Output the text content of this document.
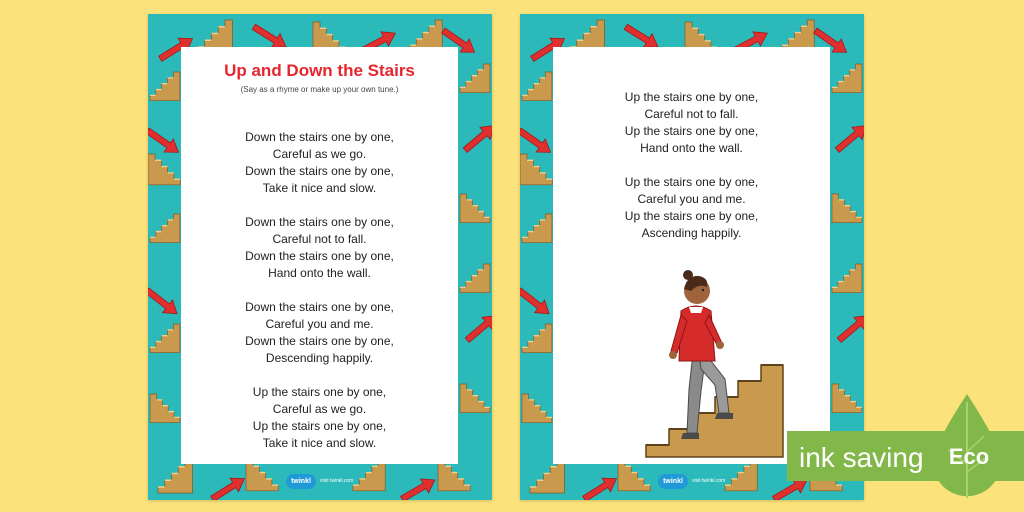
Up and Down the Stairs
(Say as a rhyme or make up your own tune.)
Down the stairs one by one,
Careful as we go.
Down the stairs one by one,
Take it nice and slow.
Down the stairs one by one,
Careful not to fall.
Down the stairs one by one,
Hand onto the wall.
Down the stairs one by one,
Careful you and me.
Down the stairs one by one,
Descending happily.
Up the stairs one by one,
Careful as we go.
Up the stairs one by one,
Take it nice and slow.
twinkl	visit twinkl.com
Up the stairs one by one,
Careful not to fall.
Up the stairs one by one,
Hand onto the wall.
Up the stairs one by one,
Careful you and me.
Up the stairs one by one,
Ascending happily.
twinkl	visit twinkl.com
ink saving	Eco
